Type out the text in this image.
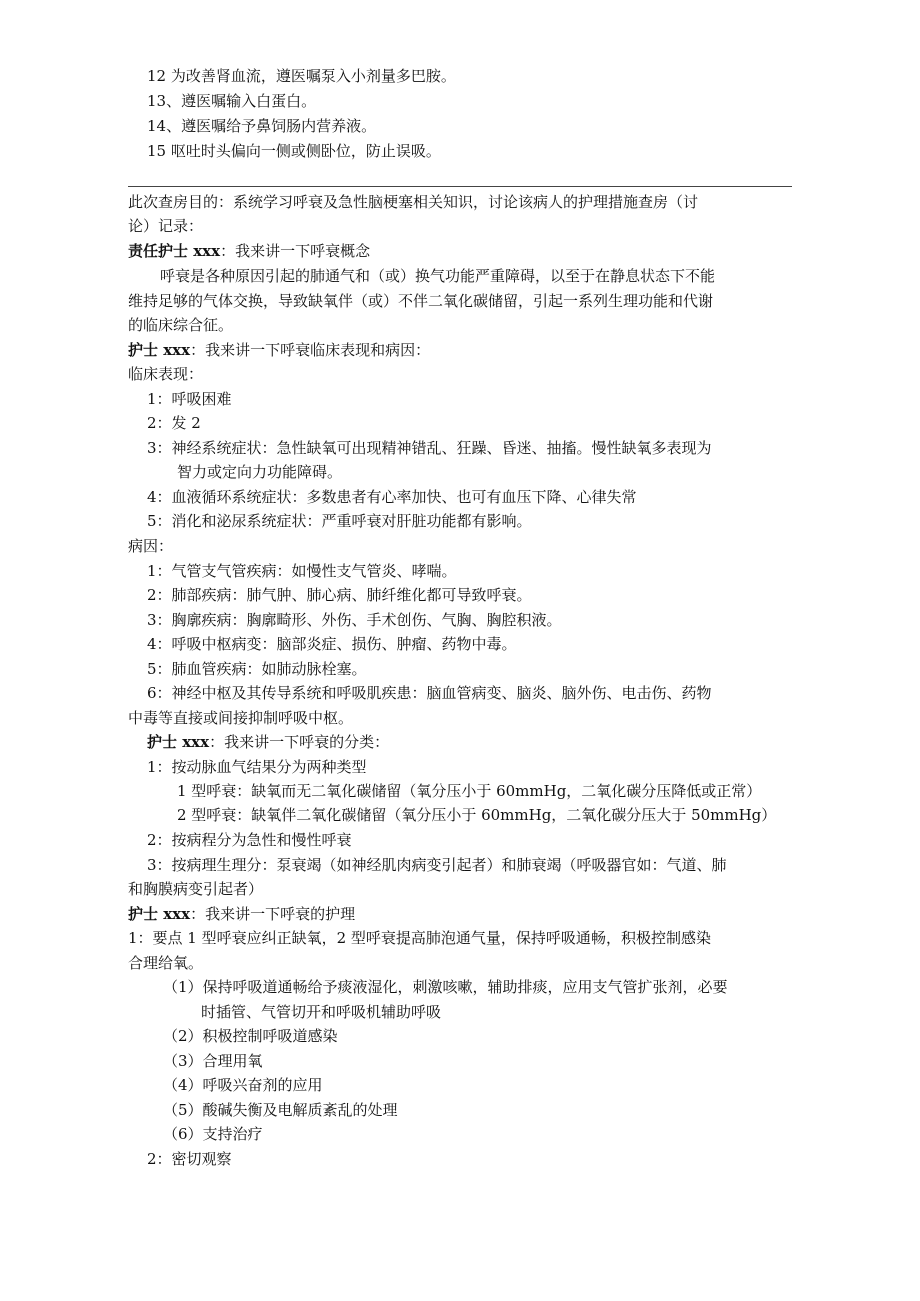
12 为改善肾血流，遵医嘱泵入小剂量多巴胺。
13、遵医嘱输入白蛋白。
14、遵医嘱给予鼻饲肠内营养液。
15 呕吐时头偏向一侧或侧卧位，防止误吸。
此次查房目的：系统学习呼衰及急性脑梗塞相关知识，讨论该病人的护理措施查房（讨
论）记录：
责任护士 xxx：我来讲一下呼衰概念
呼衰是各种原因引起的肺通气和（或）换气功能严重障碍，以至于在静息状态下不能
维持足够的气体交换，导致缺氧伴（或）不伴二氧化碳储留，引起一系列生理功能和代谢
的临床综合征。
护士 xxx：我来讲一下呼衰临床表现和病因：
临床表现：
1：呼吸困难
2：发 2
3：神经系统症状：急性缺氧可出现精神错乱、狂躁、昏迷、抽搐。慢性缺氧多表现为
智力或定向力功能障碍。
4：血液循环系统症状：多数患者有心率加快、也可有血压下降、心律失常
5：消化和泌尿系统症状：严重呼衰对肝脏功能都有影响。
病因：
1：气管支气管疾病：如慢性支气管炎、哮喘。
2：肺部疾病：肺气肿、肺心病、肺纤维化都可导致呼衰。
3：胸廓疾病：胸廓畸形、外伤、手术创伤、气胸、胸腔积液。
4：呼吸中枢病变：脑部炎症、损伤、肿瘤、药物中毒。
5：肺血管疾病：如肺动脉栓塞。
6：神经中枢及其传导系统和呼吸肌疾患：脑血管病变、脑炎、脑外伤、电击伤、药物
中毒等直接或间接抑制呼吸中枢。
护士 xxx：我来讲一下呼衰的分类：
1：按动脉血气结果分为两种类型
1 型呼衰：缺氧而无二氧化碳储留（氧分压小于 60mmHg，二氧化碳分压降低或正常）
2 型呼衰：缺氧伴二氧化碳储留（氧分压小于 60mmHg，二氧化碳分压大于 50mmHg）
2：按病程分为急性和慢性呼衰
3：按病理生理分：泵衰竭（如神经肌肉病变引起者）和肺衰竭（呼吸器官如：气道、肺
和胸膜病变引起者）
护士 xxx：我来讲一下呼衰的护理
1：要点 1 型呼衰应纠正缺氧，2 型呼衰提高肺泡通气量，保持呼吸通畅，积极控制感染
合理给氧。
（1）保持呼吸道通畅给予痰液湿化，刺激咳嗽，辅助排痰，应用支气管扩张剂，必要
时插管、气管切开和呼吸机辅助呼吸
（2）积极控制呼吸道感染
（3）合理用氧
（4）呼吸兴奋剂的应用
（5）酸碱失衡及电解质紊乱的处理
（6）支持治疗
2：密切观察
